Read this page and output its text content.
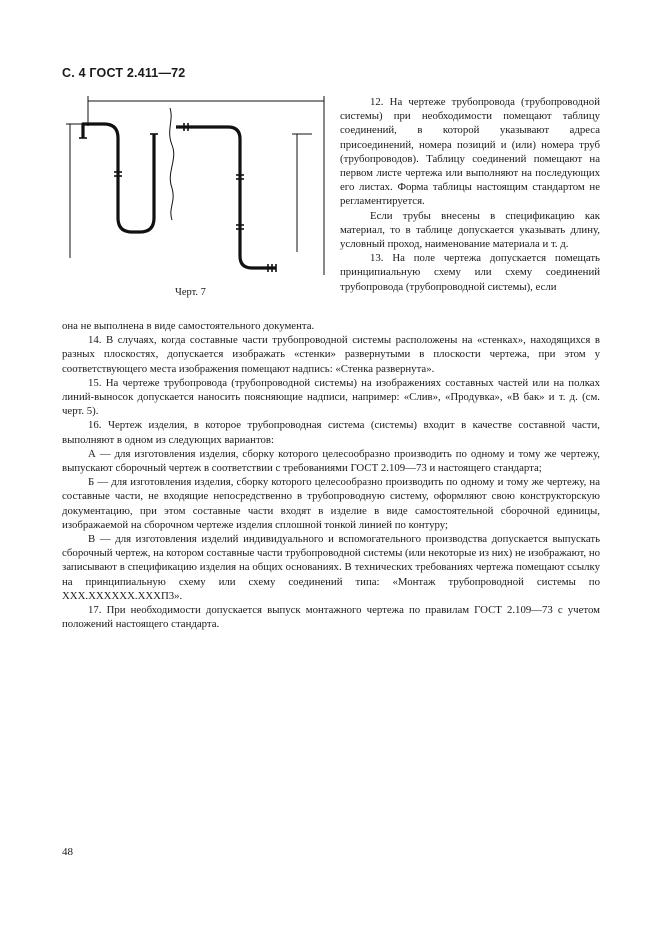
С. 4 ГОСТ 2.411—72
Черт. 7

12. На чертеже трубопровода (трубопроводной системы) при необходимости помещают таблицу соединений, в которой указывают адреса присоединений, номера позиций и (или) номера труб (трубопроводов). Таблицу соединений помещают на первом листе чертежа или выполняют на последующих его листах. Форма таблицы настоящим стандартом не регламентируется.

Если трубы внесены в спецификацию как материал, то в таблице допускается указывать длину, условный проход, наименование материала и т. д.

13. На поле чертежа допускается помещать принципиальную схему или схему соединений трубопровода (трубопроводной системы), если

она не выполнена в виде самостоятельного документа.

14. В случаях, когда составные части трубопроводной системы расположены на «стенках», находящихся в разных плоскостях, допускается изображать «стенки» развернутыми в плоскости чертежа, при этом у соответствующего места изображения помещают надпись: «Стенка развернута».

15. На чертеже трубопровода (трубопроводной системы) на изображениях составных частей или на полках линий-выносок допускается наносить поясняющие надписи, например: «Слив», «Продувка», «В бак» и т. д. (см. черт. 5).

16. Чертеж изделия, в которое трубопроводная система (системы) входит в качестве составной части, выполняют в одном из следующих вариантов:

А — для изготовления изделия, сборку которого целесообразно производить по одному и тому же чертежу, выпускают сборочный чертеж в соответствии с требованиями ГОСТ 2.109—73 и настоящего стандарта;

Б — для изготовления изделия, сборку которого целесообразно производить по одному и тому же чертежу, на составные части, не входящие непосредственно в трубопроводную систему, оформляют свою конструкторскую документацию, при этом составные части входят в изделие в виде самостоятельной сборочной единицы, изображаемой на сборочном чертеже изделия сплошной тонкой линией по контуру;

В — для изготовления изделий индивидуального и вспомогательного производства допускается выпускать сборочный чертеж, на котором составные части трубопроводной системы (или некоторые из них) не изображают, но записывают в спецификацию изделия на общих основаниях. В технических требованиях чертежа помещают ссылку на принципиальную схему или схему соединений типа: «Монтаж трубопроводной системы по XXX.XXXXXX.XXXП3».

17. При необходимости допускается выпуск монтажного чертежа по правилам ГОСТ 2.109—73 с учетом положений настоящего стандарта.

48
